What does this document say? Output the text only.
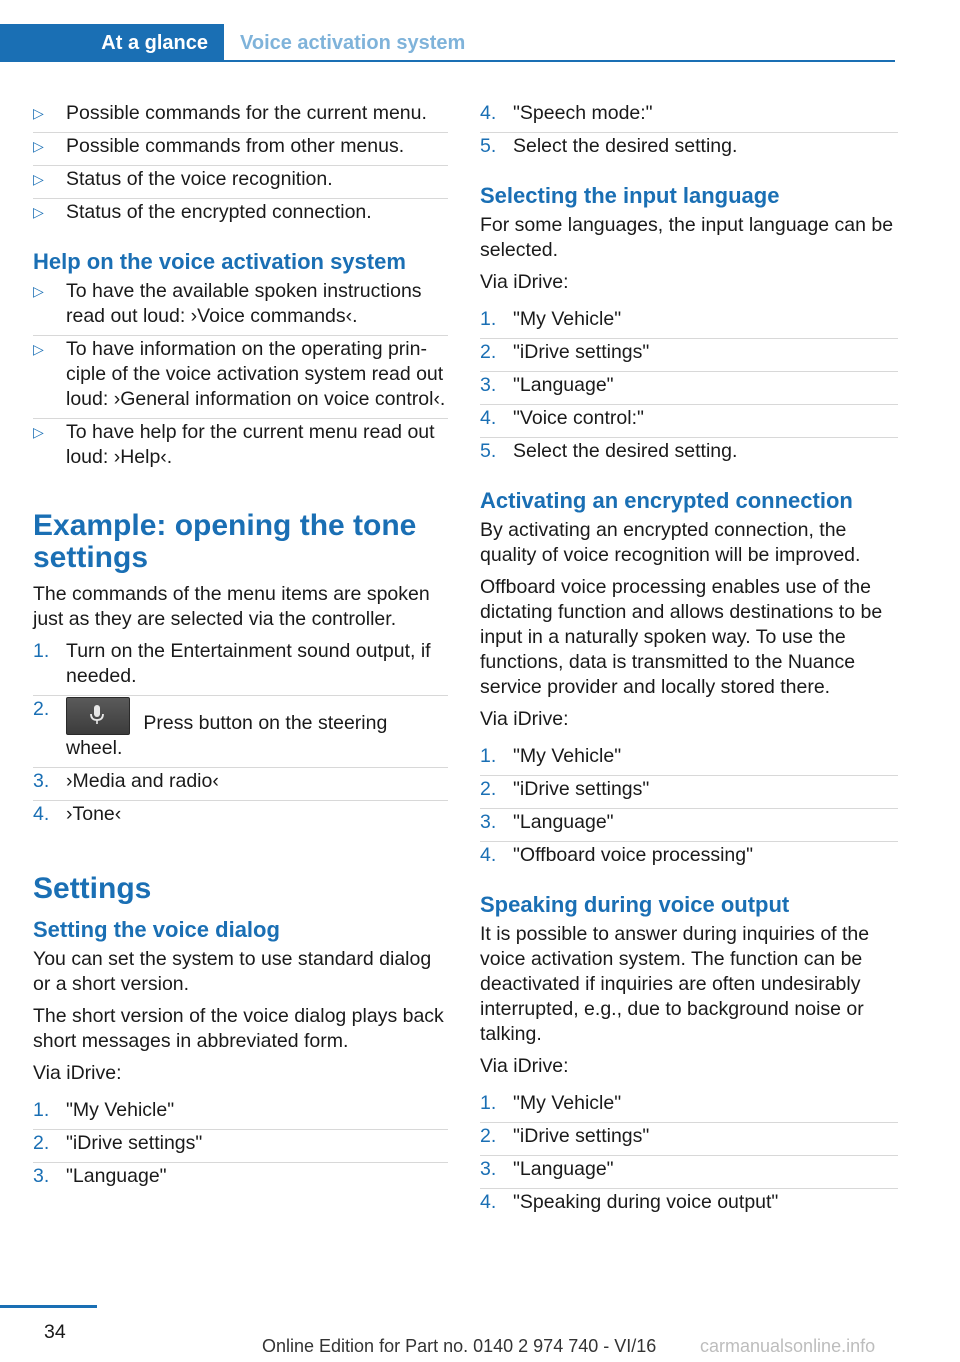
At a glance	Voice activation system
▷ Possible commands for the current menu.
▷ Possible commands from other menus.
▷ Status of the voice recognition.
▷ Status of the encrypted connection.
Help on the voice activation system
▷ To have the available spoken instructions read out loud: ›Voice commands‹.
▷ To have information on the operating prin‐ ciple of the voice activation system read out loud: ›General information on voice control‹.
▷ To have help for the current menu read out loud: ›Help‹.
Example: opening the tone settings

The commands of the menu items are spoken just as they are selected via the controller.

1. Turn on the Entertainment sound output, if needed.
2.
Press button on the steering wheel.
3. ›Media and radio‹
4. ›Tone‹
Settings
Setting the voice dialog

You can set the system to use standard dialog or a short version.

The short version of the voice dialog plays back short messages in abbreviated form.

Via iDrive:

1. "My Vehicle"
2. "iDrive settings"
3. "Language"
4. "Speech mode:"
5. Select the desired setting.
Selecting the input language

For some languages, the input language can be selected.

Via iDrive:

1. "My Vehicle"
2. "iDrive settings"
3. "Language"
4. "Voice control:"
5. Select the desired setting.
Activating an encrypted connection

By activating an encrypted connection, the quality of voice recognition will be improved.

Offboard voice processing enables use of the dictating function and allows destinations to be input in a naturally spoken way. To use the functions, data is transmitted to the Nuance service provider and locally stored there.

Via iDrive:

1. "My Vehicle"
2. "iDrive settings"
3. "Language"
4. "Offboard voice processing"
Speaking during voice output

It is possible to answer during inquiries of the voice activation system. The function can be deactivated if inquiries are often undesirably interrupted, e.g., due to background noise or talking.

Via iDrive:

1. "My Vehicle"
2. "iDrive settings"
3. "Language"
4. "Speaking during voice output"
34
Online Edition for Part no. 0140 2 974 740 - VI/16 carmanualsonline.info
